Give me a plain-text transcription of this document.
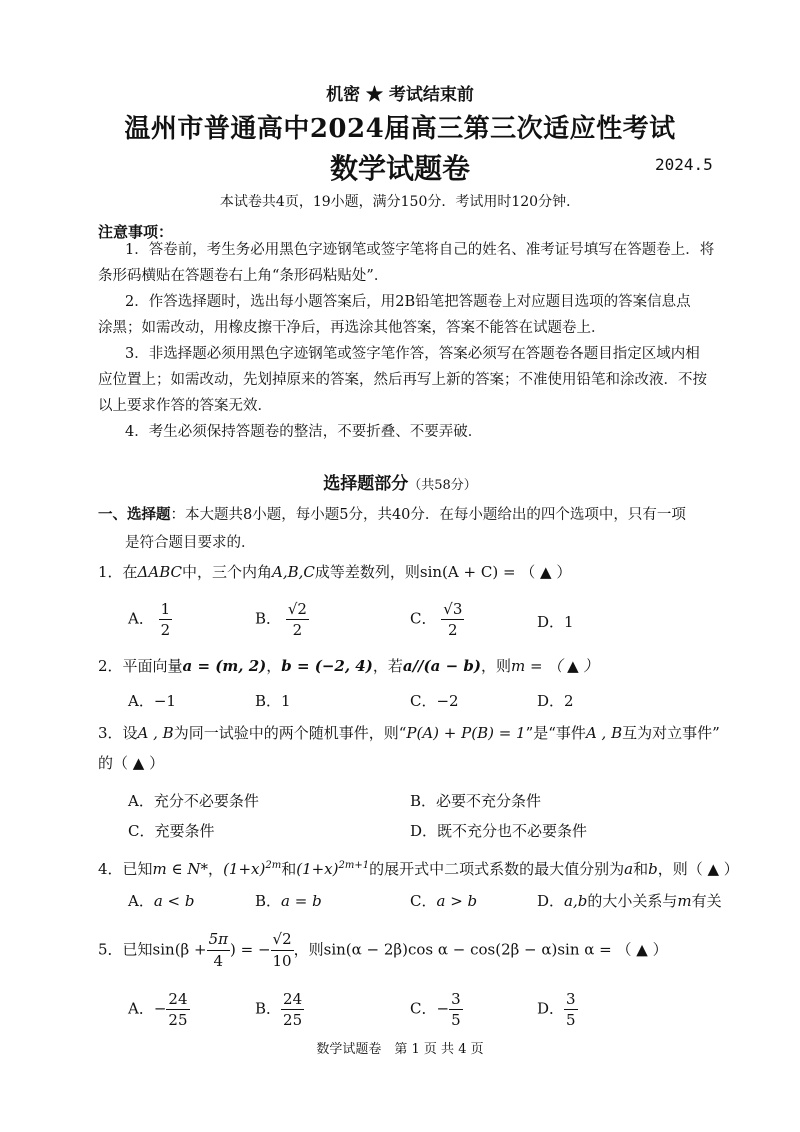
机密 ★ 考试结束前
温州市普通高中2024届高三第三次适应性考试
数学试题卷	2024.5
本试卷共4页，19小题，满分150分．考试用时120分钟．
注意事项：
1．答卷前，考生务必用黑色字迹钢笔或签字笔将自己的姓名、准考证号填写在答题卷上．将
条形码横贴在答题卷右上角“条形码粘贴处”．
2．作答选择题时，选出每小题答案后，用2B铅笔把答题卷上对应题目选项的答案信息点
涂黑；如需改动，用橡皮擦干净后，再选涂其他答案，答案不能答在试题卷上．
3．非选择题必须用黑色字迹钢笔或签字笔作答，答案必须写在答题卷各题目指定区域内相
应位置上；如需改动，先划掉原来的答案，然后再写上新的答案；不准使用铅笔和涂改液．不按
以上要求作答的答案无效．
4．考生必须保持答题卷的整洁，不要折叠、不要弄破．
选择题部分（共58分）
一、选择题：本大题共8小题，每小题5分，共40分．在每小题给出的四个选项中，只有一项
是符合题目要求的．
1．在ΔABC中，三个内角A,B,C成等差数列，则sin(A + C) = （ ▲ ）
A． $\frac{1}{2}$	B． $\frac{√2}{2}$	C． $\frac{√3}{2}$	D．1
2．平面向量a = (m, 2)，b = (−2, 4)，若a//(a − b)，则m = （ ▲ ）
A．−1	B．1	C．−2	D．2
3．设A , B为同一试验中的两个随机事件，则“P(A) + P(B) = 1”是“事件A , B互为对立事件”
的（ ▲ ）
A．充分不必要条件	B．必要不充分条件
C．充要条件	D．既不充分也不必要条件
4．已知m ∈ N*，$(1+x)^{2m}$和$(1+x)^{2m+1}$的展开式中二项式系数的最大值分别为a和b，则（ ▲ ）
A．a < b	B．a = b	C．a > b	D．a,b的大小关系与m有关
5．已知$\sin(\beta + \frac{5\pi}{4}$ ) = − $\frac{√2}{10}$ ，则sin(α − 2β)cos α − cos(2β − α)sin α = （ ▲ ）
A．− $\frac{24}{25}$	B． $\frac{24}{25}$	C．− $\frac{3}{5}$	D． $\frac{3}{5}$
数学试题卷　第 1 页 共 4 页
